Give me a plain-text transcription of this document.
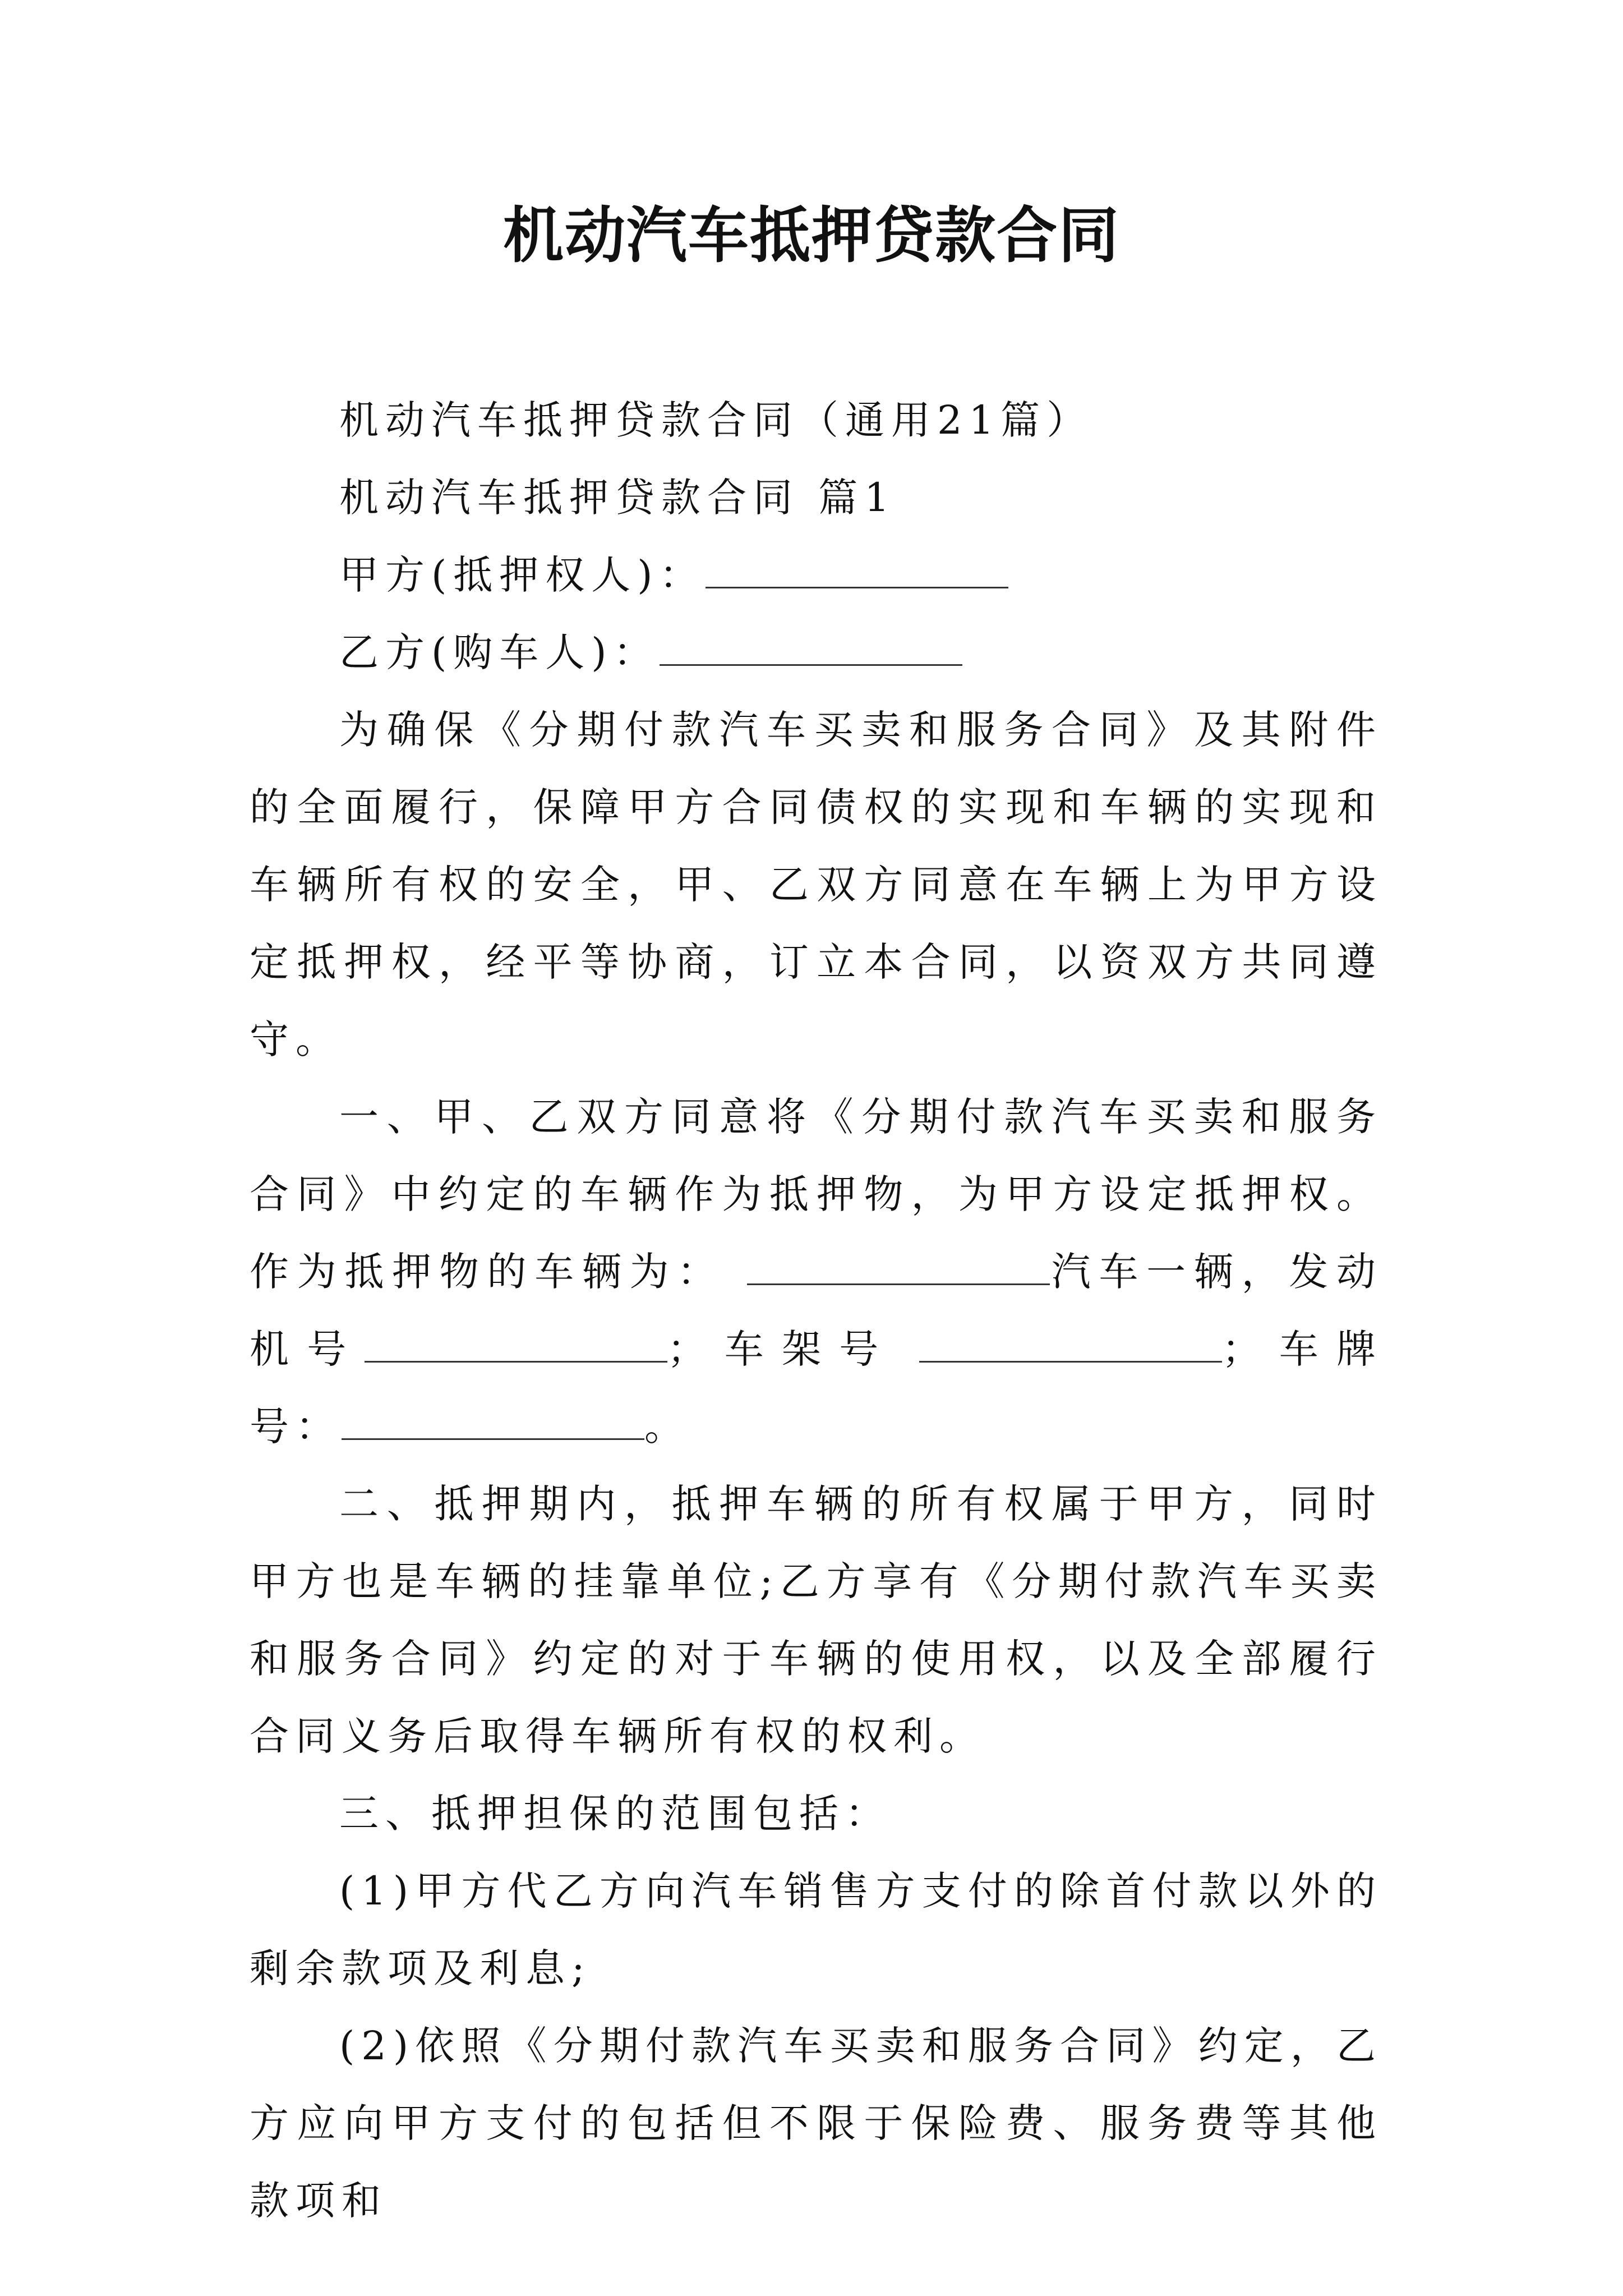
机动汽车抵押贷款合同

机动汽车抵押贷款合同（通用21篇）

机动汽车抵押贷款合同 篇1

甲方(抵押权人)：

乙方(购车人)：

为确保《分期付款汽车买卖和服务合同》及其附件的全面履行，保障甲方合同债权的实现和车辆的实现和车辆所有权的安全，甲、乙双方同意在车辆上为甲方设定抵押权，经平等协商，订立本合同，以资双方共同遵守。

一、甲、乙双方同意将《分期付款汽车买卖和服务合同》中约定的车辆作为抵押物，为甲方设定抵押权。作为抵押物的车辆为：	汽车一辆，发动机号	；车架号	；车牌号：	。

二、抵押期内，抵押车辆的所有权属于甲方，同时甲方也是车辆的挂靠单位;乙方享有《分期付款汽车买卖和服务合同》约定的对于车辆的使用权，以及全部履行合同义务后取得车辆所有权的权利。

三、抵押担保的范围包括：

(1)甲方代乙方向汽车销售方支付的除首付款以外的剩余款项及利息;

(2)依照《分期付款汽车买卖和服务合同》约定，乙方应向甲方支付的包括但不限于保险费、服务费等其他款项和
